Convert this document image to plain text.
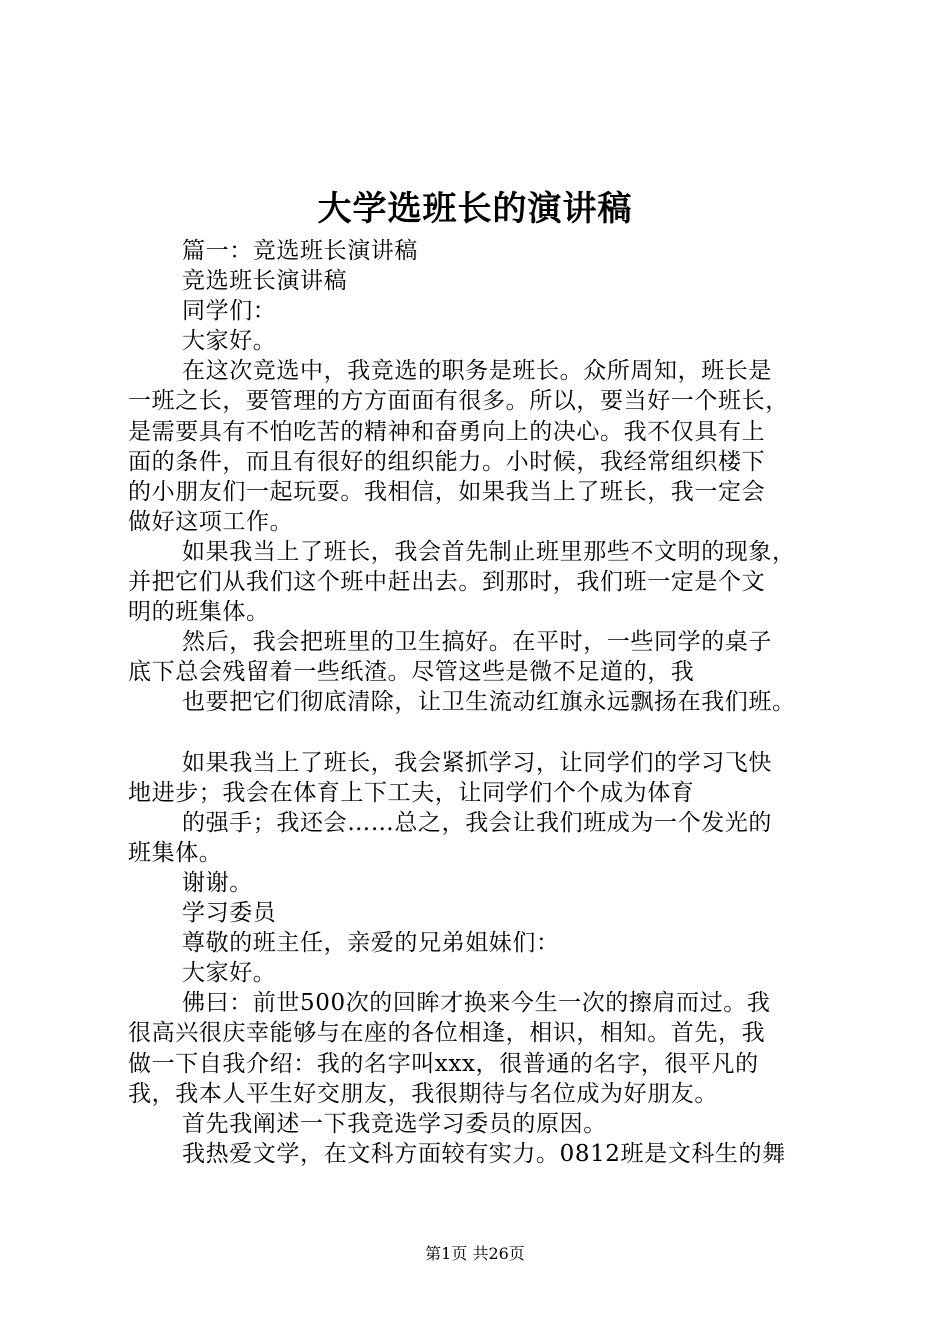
大学选班长的演讲稿
篇一：竞选班长演讲稿
竞选班长演讲稿
同学们：
大家好。
在这次竞选中，我竞选的职务是班长。众所周知，班长是
一班之长，要管理的方方面面有很多。所以，要当好一个班长，
是需要具有不怕吃苦的精神和奋勇向上的决心。我不仅具有上
面的条件，而且有很好的组织能力。小时候，我经常组织楼下
的小朋友们一起玩耍。我相信，如果我当上了班长，我一定会
做好这项工作。
如果我当上了班长，我会首先制止班里那些不文明的现象，
并把它们从我们这个班中赶出去。到那时，我们班一定是个文
明的班集体。
然后，我会把班里的卫生搞好。在平时，一些同学的桌子
底下总会残留着一些纸渣。尽管这些是微不足道的，我
也要把它们彻底清除，让卫生流动红旗永远飘扬在我们班。
如果我当上了班长，我会紧抓学习，让同学们的学习飞快
地进步；我会在体育上下工夫，让同学们个个成为体育
的强手；我还会……总之，我会让我们班成为一个发光的
班集体。
谢谢。
学习委员
尊敬的班主任，亲爱的兄弟姐妹们：
大家好。
佛曰：前世500次的回眸才换来今生一次的擦肩而过。我
很高兴很庆幸能够与在座的各位相逢，相识，相知。首先，我
做一下自我介绍：我的名字叫xxx，很普通的名字，很平凡的
我，我本人平生好交朋友，我很期待与名位成为好朋友。
首先我阐述一下我竞选学习委员的原因。
我热爱文学，在文科方面较有实力。0812班是文科生的舞
第1页 共26页
